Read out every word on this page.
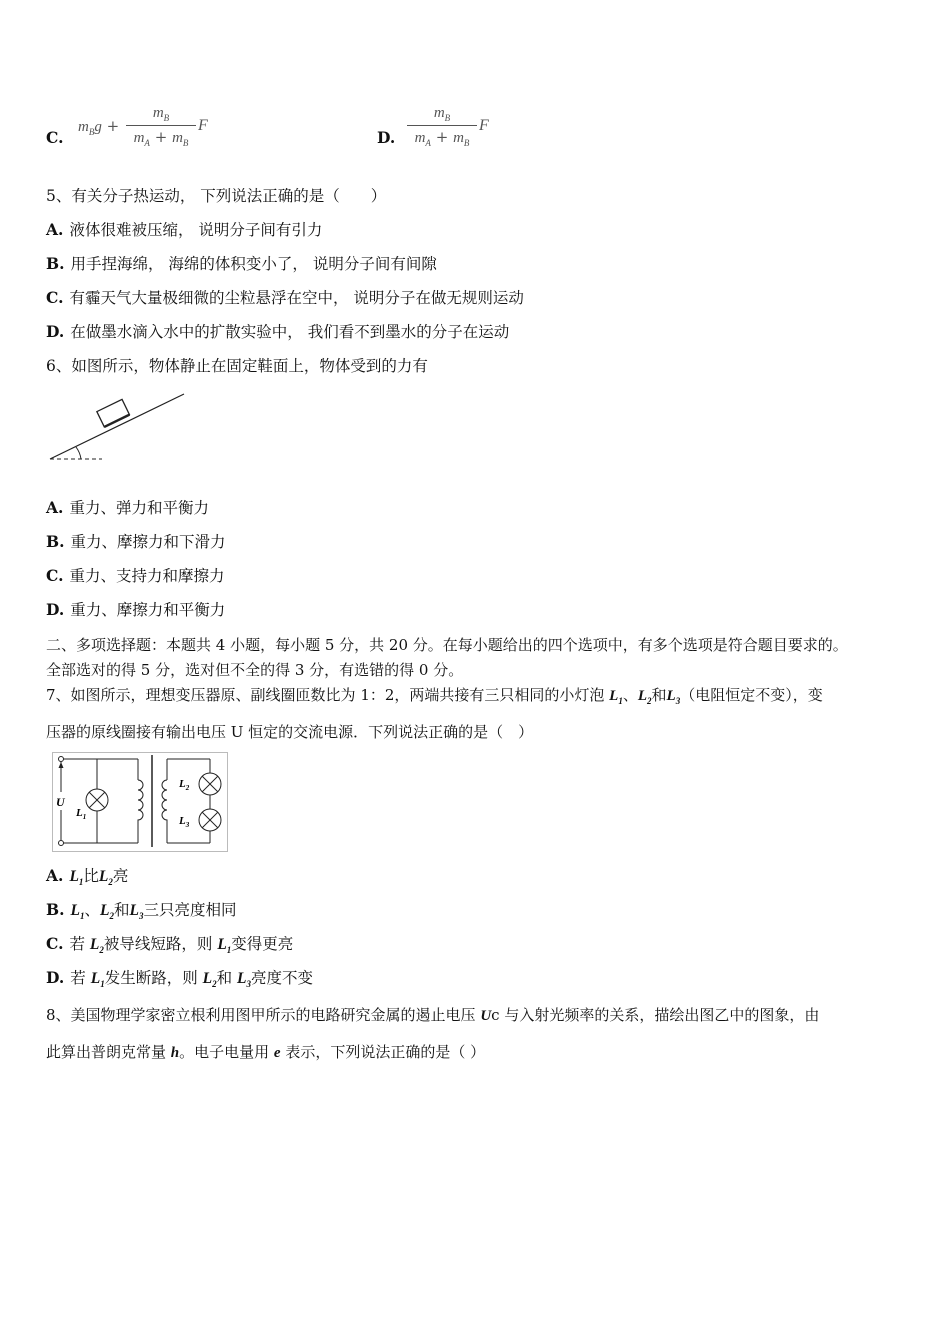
C.
$m_Bg$ +
$m_B$
$m_A + m_B$
F
D.
$m_B$
$m_A + m_B$
F
5、有关分子热运动， 下列说法正确的是（　　）
A. 液体很难被压缩， 说明分子间有引力
B. 用手捏海绵， 海绵的体积变小了， 说明分子间有间隙
C. 有霾天气大量极细微的尘粒悬浮在空中， 说明分子在做无规则运动
D. 在做墨水滴入水中的扩散实验中， 我们看不到墨水的分子在运动
6、如图所示，物体静止在固定鞋面上，物体受到的力有
A. 重力、弹力和平衡力
B. 重力、摩擦力和下滑力
C. 重力、支持力和摩擦力
D. 重力、摩擦力和平衡力
二、多项选择题：本题共 4 小题，每小题 5 分，共 20 分。在每小题给出的四个选项中，有多个选项是符合题目要求的。
全部选对的得 5 分，选对但不全的得 3 分，有选错的得 0 分。
7、如图所示，理想变压器原、副线圈匝数比为 1：2，两端共接有三只相同的小灯泡 $L_1$、$L_2$和$L_3$（电阻恒定不变），变
压器的原线圈接有输出电压 U 恒定的交流电源．下列说法正确的是（　）
U
$L_1$
$L_2$
$L_3$
A. $L_1$比$L_2$亮
B. $L_1$、$L_2$和$L_3$三只亮度相同
C. 若 $L_2$被导线短路，则 $L_1$变得更亮
D. 若 $L_1$发生断路，则 $L_2$和 $L_3$亮度不变
8、美国物理学家密立根利用图甲所示的电路研究金属的遏止电压 Uc 与入射光频率的关系，描绘出图乙中的图象，由
此算出普朗克常量 h。电子电量用 e 表示，下列说法正确的是（ ）
